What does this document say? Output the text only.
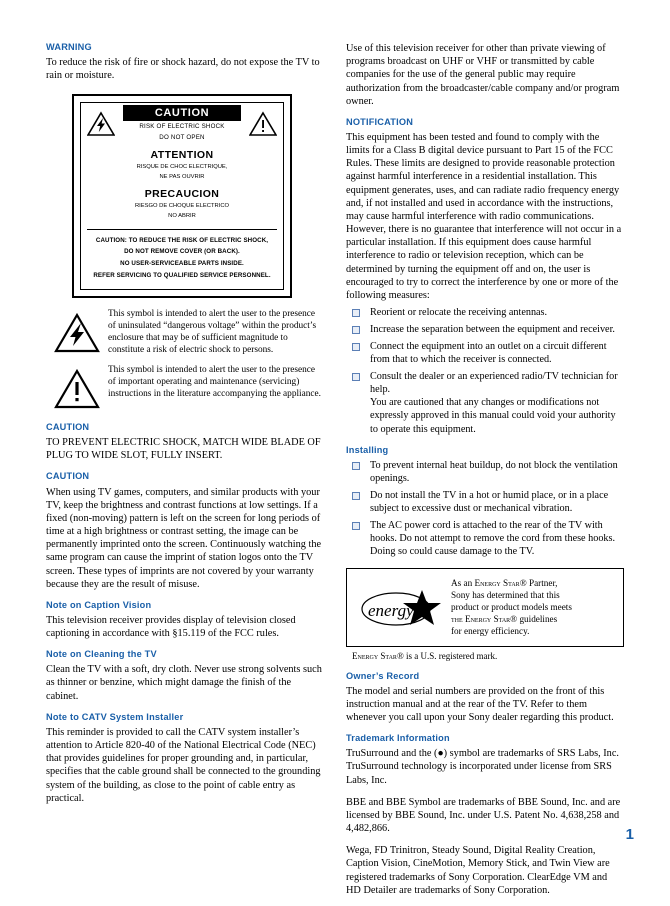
WARNING

To reduce the risk of fire or shock hazard, do not expose the TV to rain or moisture.

CAUTION
RISK OF ELECTRIC SHOCK
DO NOT OPEN
ATTENTION
RISQUE DE CHOC ELECTRIQUE,
NE PAS OUVRIR
PRECAUCION
RIESGO DE CHOQUE ELECTRICO
NO ABRIR
CAUTION: TO REDUCE THE RISK OF ELECTRIC SHOCK,
DO NOT REMOVE COVER (OR BACK).
NO USER-SERVICEABLE PARTS INSIDE.
REFER SERVICING TO QUALIFIED SERVICE PERSONNEL.
This symbol is intended to alert the user to the presence of uninsulated “dangerous voltage” within the product’s enclosure that may be of sufficient magnitude to constitute a risk of electric shock to persons.
This symbol is intended to alert the user to the presence of important operating and maintenance (servicing) instructions in the literature accompanying the appliance.
CAUTION

TO PREVENT ELECTRIC SHOCK, MATCH WIDE BLADE OF PLUG TO WIDE SLOT, FULLY INSERT.

CAUTION

When using TV games, computers, and similar products with your TV, keep the brightness and contrast functions at low settings. If a fixed (non-moving) pattern is left on the screen for long periods of time at a high brightness or contrast setting, the image can be permanently imprinted onto the screen. Continuously watching the same program can cause the imprint of station logos onto the TV screen. These types of imprints are not covered by your warranty because they are the result of misuse.

Note on Caption Vision

This television receiver provides display of television closed captioning in accordance with §15.119 of the FCC rules.

Note on Cleaning the TV

Clean the TV with a soft, dry cloth. Never use strong solvents such as thinner or benzine, which might damage the finish of the cabinet.

Note to CATV System Installer

This reminder is provided to call the CATV system installer’s attention to Article 820-40 of the National Electrical Code (NEC) that provides guidelines for proper grounding and, in particular, specifies that the cable ground shall be connected to the grounding system of the building, as close to the point of cable entry as practical.

Use of this television receiver for other than private viewing of programs broadcast on UHF or VHF or transmitted by cable companies for the use of the general public may require authorization from the broadcaster/cable company and/or program owner.

NOTIFICATION

This equipment has been tested and found to comply with the limits for a Class B digital device pursuant to Part 15 of the FCC Rules. These limits are designed to provide reasonable protection against harmful interference in a residential installation. This equipment generates, uses, and can radiate radio frequency energy and, if not installed and used in accordance with the instructions, may cause harmful interference with radio communications. However, there is no guarantee that interference will not occur in a particular installation. If this equipment does cause harmful interference to radio or television reception, which can be determined by turning the equipment off and on, the user is encouraged to try to correct the interference by one or more of the following measures:

Reorient or relocate the receiving antennas.
Increase the separation between the equipment and receiver.
Connect the equipment into an outlet on a circuit different from that to which the receiver is connected.
Consult the dealer or an experienced radio/TV technician for help.
You are cautioned that any changes or modifications not expressly approved in this manual could void your authority to operate this equipment.
Installing
To prevent internal heat buildup, do not block the ventilation openings.
Do not install the TV in a hot or humid place, or in a place subject to excessive dust or mechanical vibration.
The AC power cord is attached to the rear of the TV with hooks. Do not attempt to remove the cord from these hooks. Doing so could cause damage to the TV.
energy
As an Energy Star® Partner,
Sony has determined that this
product or product models meets
the Energy Star® guidelines
for energy efficiency.
Energy Star® is a U.S. registered mark.
Owner’s Record

The model and serial numbers are provided on the front of this instruction manual and at the rear of the TV. Refer to them whenever you call upon your Sony dealer regarding this product.

Trademark Information

TruSurround and the (●) symbol are trademarks of SRS Labs, Inc. TruSurround technology is incorporated under license from SRS Labs, Inc.

BBE and BBE Symbol are trademarks of BBE Sound, Inc. and are licensed by BBE Sound, Inc. under U.S. Patent No. 4,638,258 and 4,482,866.

Wega, FD Trinitron, Steady Sound, Digital Reality Creation, Caption Vision, CineMotion, Memory Stick, and Twin View are registered trademarks of Sony Corporation. ClearEdge VM and HD Detailer are trademarks of Sony Corporation.

1
